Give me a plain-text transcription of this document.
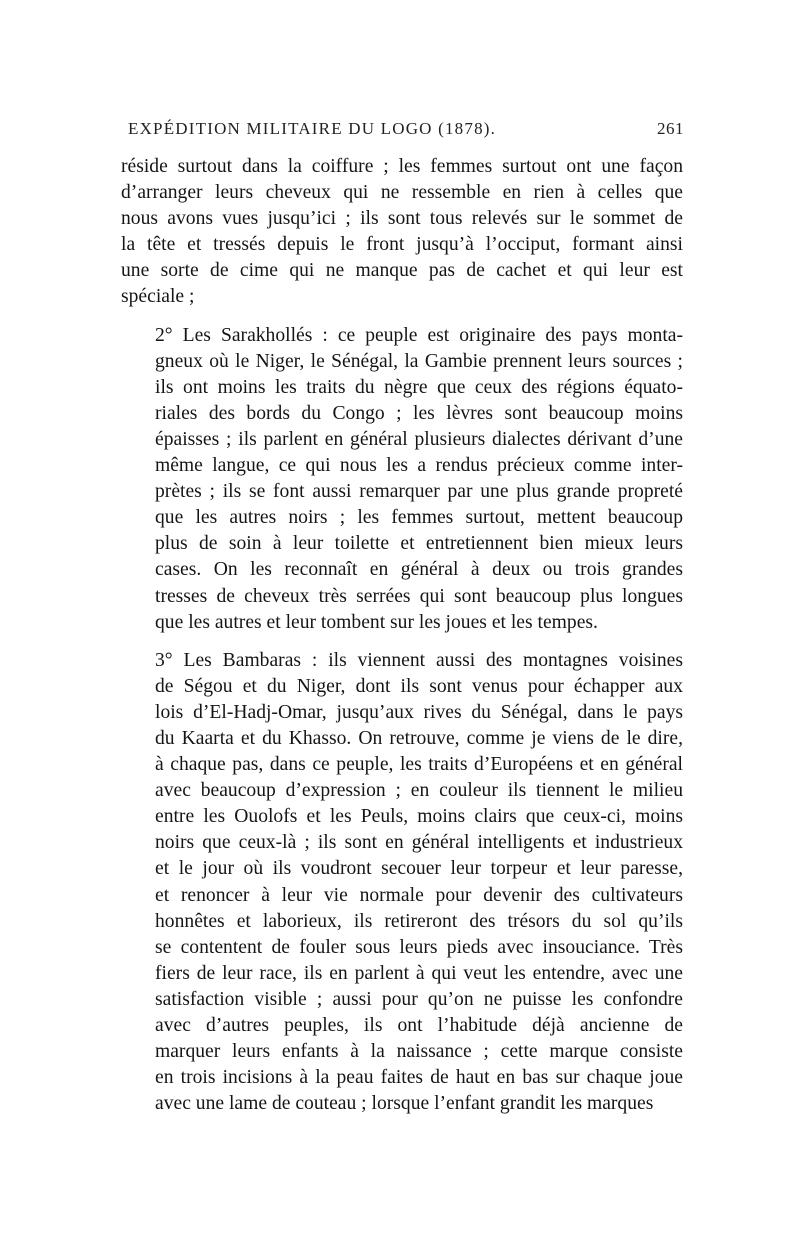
EXPÉDITION MILITAIRE DU LOGO (1878).	261
réside surtout dans la coiffure ; les femmes surtout ont une façon
d’arranger leurs cheveux qui ne ressemble en rien à celles que
nous avons vues jusqu’ici ; ils sont tous relevés sur le sommet de
la tête et tressés depuis le front jusqu’à l’occiput, formant ainsi
une sorte de cime qui ne manque pas de cachet et qui leur est
spéciale ;
2° Les Sarakhollés : ce peuple est originaire des pays monta-
gneux où le Niger, le Sénégal, la Gambie prennent leurs sources ;
ils ont moins les traits du nègre que ceux des régions équato-
riales des bords du Congo ; les lèvres sont beaucoup moins
épaisses ; ils parlent en général plusieurs dialectes dérivant d’une
même langue, ce qui nous les a rendus précieux comme inter-
prètes ; ils se font aussi remarquer par une plus grande propreté
que les autres noirs ; les femmes surtout, mettent beaucoup
plus de soin à leur toilette et entretiennent bien mieux leurs
cases. On les reconnaît en général à deux ou trois grandes
tresses de cheveux très serrées qui sont beaucoup plus longues
que les autres et leur tombent sur les joues et les tempes.
3° Les Bambaras : ils viennent aussi des montagnes voisines
de Ségou et du Niger, dont ils sont venus pour échapper aux
lois d’El-Hadj-Omar, jusqu’aux rives du Sénégal, dans le pays
du Kaarta et du Khasso. On retrouve, comme je viens de le dire,
à chaque pas, dans ce peuple, les traits d’Européens et en général
avec beaucoup d’expression ; en couleur ils tiennent le milieu
entre les Ouolofs et les Peuls, moins clairs que ceux-ci, moins
noirs que ceux-là ; ils sont en général intelligents et industrieux
et le jour où ils voudront secouer leur torpeur et leur paresse,
et renoncer à leur vie normale pour devenir des cultivateurs
honnêtes et laborieux, ils retireront des trésors du sol qu’ils
se contentent de fouler sous leurs pieds avec insouciance. Très
fiers de leur race, ils en parlent à qui veut les entendre, avec une
satisfaction visible ; aussi pour qu’on ne puisse les confondre
avec d’autres peuples, ils ont l’habitude déjà ancienne de
marquer leurs enfants à la naissance ; cette marque consiste
en trois incisions à la peau faites de haut en bas sur chaque joue
avec une lame de couteau ; lorsque l’enfant grandit les marques
